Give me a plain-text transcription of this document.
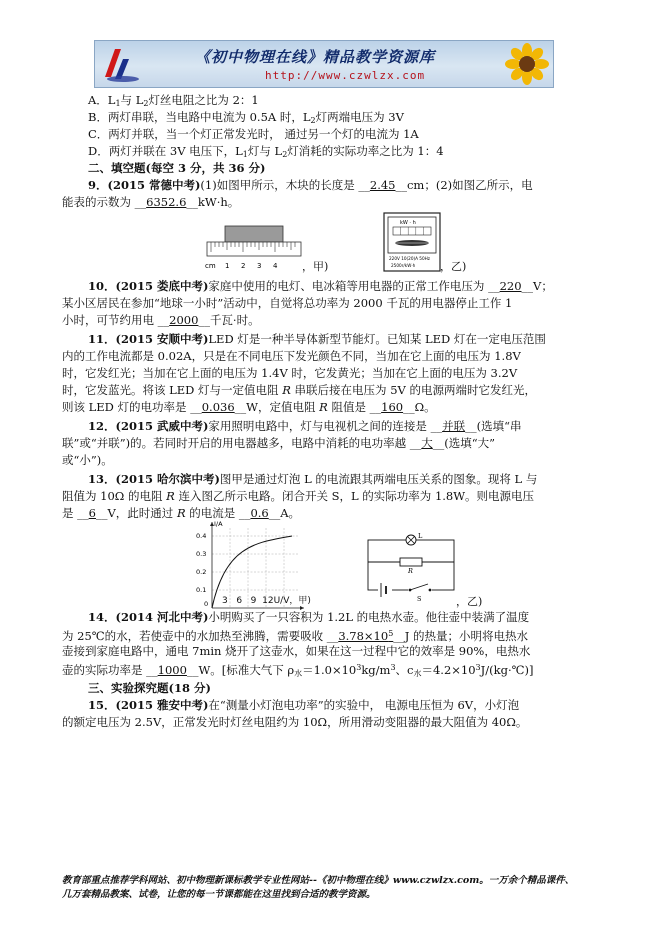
《初中物理在线》精品教学资源库
http://www.czwlzx.com
A．$L_1$与 $L_2$灯丝电阻之比为 2：1
B．两灯串联，当电路中电流为 0.5A 时，$L_2$灯两端电压为 3V
C．两灯并联，当一个灯正常发光时， 通过另一个灯的电流为 1A
D．两灯并联在 3V 电压下，$L_1$灯与 $L_2$灯消耗的实际功率之比为 1：4
二、填空题(每空 3 分，共 36 分)
9．(2015 常德中考)(1)如图甲所示，木块的长度是 __2.45__cm；(2)如图乙所示，电
能表的示数为 __6352.6__kW·h。
cm 1 2 3 4 ，甲)
kW · h
220V 10(20)A 50Hz
2500r/kW·h ，乙)
10．(2015 娄底中考)家庭中使用的电灯、电冰箱等用电器的正常工作电压为 __220__V；
某小区居民在参加“地球一小时”活动中，自觉将总功率为 2000 千瓦的用电器停止工作 1
小时，可节约用电 __2000__千瓦·时。
11．(2015 安顺中考)LED 灯是一种半导体新型节能灯。已知某 LED 灯在一定电压范围
内的工作电流都是 0.02A，只是在不同电压下发光颜色不同，当加在它上面的电压为 1.8V
时，它发红光；当加在它上面的电压为 1.4V 时，它发黄光；当加在它上面的电压为 3.2V
时，它发蓝光。将该 LED 灯与一定值电阻 R 串联后接在电压为 5V 的电源两端时它发红光，
则该 LED 灯的电功率是 __0.036__W，定值电阻 R 阻值是 __160__Ω。
12．(2015 武威中考)家用照明电路中，灯与电视机之间的连接是 __并联__(选填“串
联”或“并联”)的。若同时开启的用电器越多，电路中消耗的电功率越 __大__(选填“大”
或“小”)。
13．(2015 哈尔滨中考)图甲是通过灯泡 L 的电流跟其两端电压关系的图象。现将 L 与
阻值为 10Ω 的电阻 R 连入图乙所示电路。闭合开关 S，L 的实际功率为 1.8W。则电源电压
是 __6__V，此时通过 R 的电流是 __0.6__A。
I/A
0.4
0.3
0.2
0.1
0 3 6 9 12U/V，甲)
L
R
S	，乙)
14．(2014 河北中考)小明购买了一只容积为 1.2L 的电热水壶。他往壶中装满了温度
为 25℃的水，若使壶中的水加热至沸腾，需要吸收 $\_\_3.78\times 10^5\_\_J$ 的热量；小明将电热水
壶接到家庭电路中，通电 7min 烧开了这壶水，如果在这一过程中它的效率是 90%，电热水
壶的实际功率是 __1000__W。[标准大气下 $\rho_水=1.0\times 10^3kg/m^3$、$c_水=4.2\times 10^3J/(kg\cdot℃)$]
三、实验探究题(18 分)
15．(2015 雅安中考)在“测量小灯泡电功率”的实验中， 电源电压恒为 6V，小灯泡
的额定电压为 2.5V，正常发光时灯丝电阻约为 10Ω，所用滑动变阻器的最大阻值为 40Ω。
教育部重点推荐学科网站、初中物理新课标教学专业性网站--《初中物理在线》www.czwlzx.com。一万余个精品课件、
几万套精品教案、试卷，让您的每一节课都能在这里找到合适的教学资源。
